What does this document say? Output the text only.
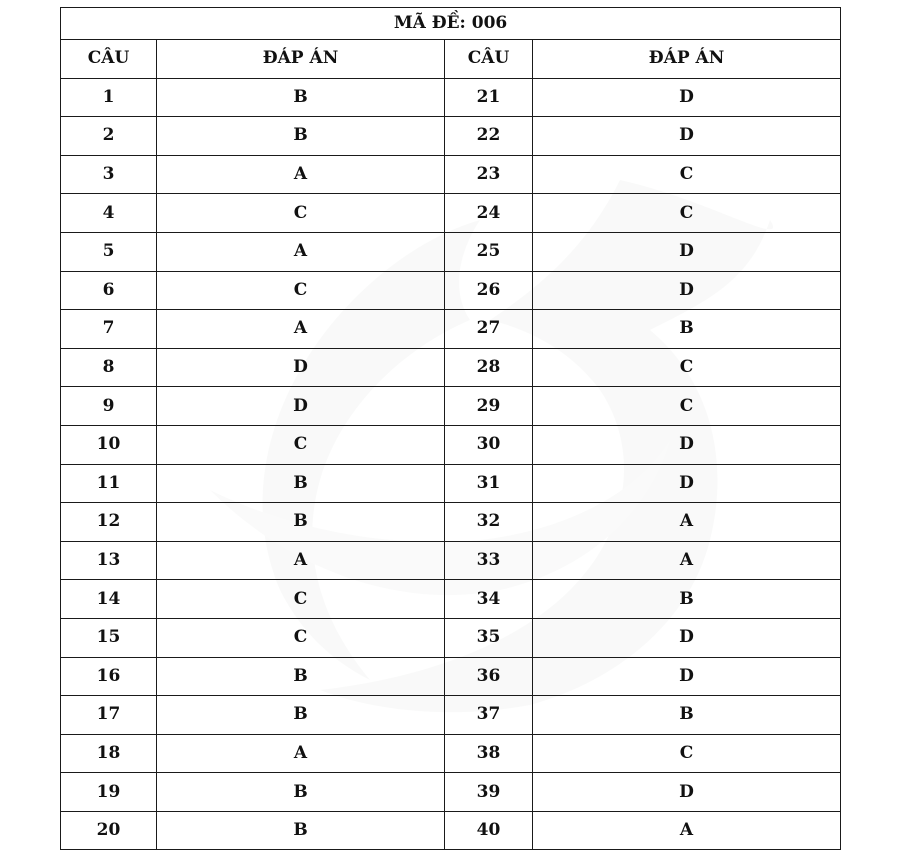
MÃ ĐỀ: 006			
CÂU	ĐÁP ÁN	CÂU	ĐÁP ÁN
1	B	21	D
2	B	22	D
3	A	23	C
4	C	24	C
5	A	25	D
6	C	26	D
7	A	27	B
8	D	28	C
9	D	29	C
10	C	30	D
11	B	31	D
12	B	32	A
13	A	33	A
14	C	34	B
15	C	35	D
16	B	36	D
17	B	37	B
18	A	38	C
19	B	39	D
20	B	40	A
